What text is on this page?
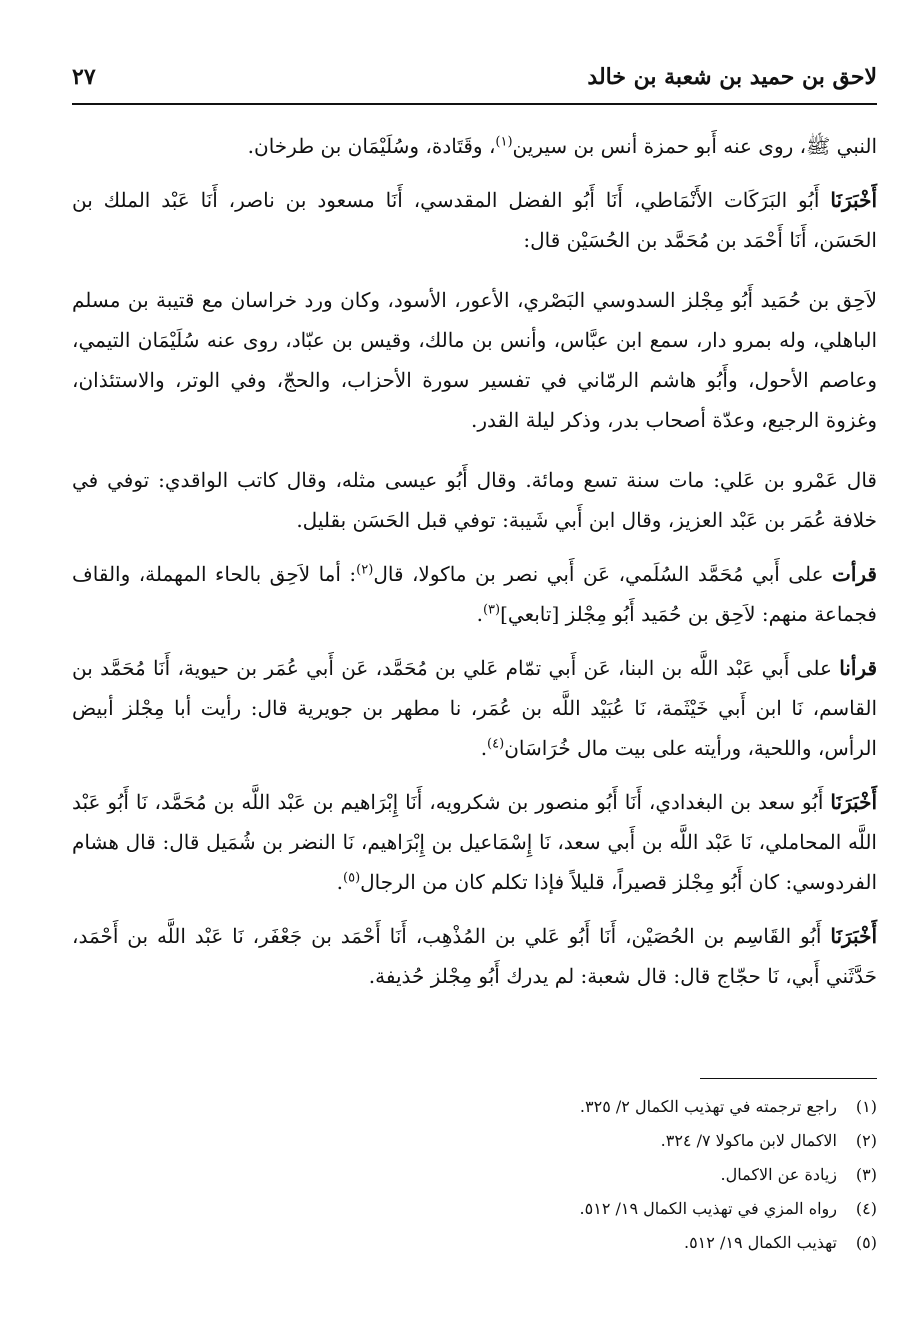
لاحق بن حميد بن شعبة بن خالد
٢٧

النبي ﷺ، روى عنه أَبو حمزة أنس بن سيرين$^{(١)}$، وقَتَادة، وسُلَيْمَان بن طرخان.

أَخْبَرَنَا أَبُو البَرَكَات الأَنْمَاطي، أَنَا أَبُو الفضل المقدسي، أَنَا مسعود بن ناصر، أَنَا عَبْد الملك بن الحَسَن، أَنَا أَحْمَد بن مُحَمَّد بن الحُسَيْن قال:

لاَحِق بن حُمَيد أَبُو مِجْلز السدوسي البَصْري، الأعور، الأسود، وكان ورد خراسان مع قتيبة بن مسلم الباهلي، وله بمرو دار، سمع ابن عبَّاس، وأنس بن مالك، وقيس بن عبّاد، روى عنه سُلَيْمَان التيمي، وعاصم الأحول، وأَبُو هاشم الرمّاني في تفسير سورة الأحزاب، والحجّ، وفي الوتر، والاستئذان، وغزوة الرجيع، وعدّة أصحاب بدر، وذكر ليلة القدر.

قال عَمْرو بن عَلي: مات سنة تسع ومائة. وقال أَبُو عيسى مثله، وقال كاتب الواقدي: توفي في خلافة عُمَر بن عَبْد العزيز، وقال ابن أَبي شَيبة: توفي قبل الحَسَن بقليل.

قرأت على أَبي مُحَمَّد السُلَمي، عَن أَبي نصر بن ماكولا، قال$^{(٢)}$: أما لاَحِق بالحاء المهملة، والقاف فجماعة منهم: لاَحِق بن حُمَيد أَبُو مِجْلز [تابعي]$^{(٣)}$.

قرأنا على أَبي عَبْد اللَّه بن البنا، عَن أَبي تمّام عَلي بن مُحَمَّد، عَن أَبي عُمَر بن حيوية، أَنَا مُحَمَّد بن القاسم، نَا ابن أَبي خَيْثَمة، نَا عُبَيْد اللَّه بن عُمَر، نا مطهر بن جويرية قال: رأيت أبا مِجْلز أبيض الرأس، واللحية، ورأيته على بيت مال خُرَاسَان$^{(٤)}$.

أَخْبَرَنَا أَبُو سعد بن البغدادي، أَنَا أَبُو منصور بن شكرويه، أَنَا إِبْرَاهيم بن عَبْد اللَّه بن مُحَمَّد، نَا أَبُو عَبْد اللَّه المحاملي، نَا عَبْد اللَّه بن أَبي سعد، نَا إِسْمَاعيل بن إِبْرَاهيم، نَا النضر بن شُمَيل قال: قال هشام الفردوسي: كان أَبُو مِجْلز قصيراً، قليلاً فإذا تكلم كان من الرجال$^{(٥)}$.

أَخْبَرَنَا أَبُو القَاسِم بن الحُصَيْن، أَنَا أَبُو عَلي بن المُذْهِب، أَنَا أَحْمَد بن جَعْفَر، نَا عَبْد اللَّه بن أَحْمَد، حَدَّثَني أَبي، نَا حجّاج قال: قال شعبة: لم يدرك أَبُو مِجْلز حُذيفة.

(١)
راجع ترجمته في تهذيب الكمال ٢/ ٣٢٥.
(٢)
الاكمال لابن ماكولا ٧/ ٣٢٤.
(٣)
زيادة عن الاكمال.
(٤)
رواه المزي في تهذيب الكمال ١٩/ ٥١٢.
(٥)
تهذيب الكمال ١٩/ ٥١٢.
